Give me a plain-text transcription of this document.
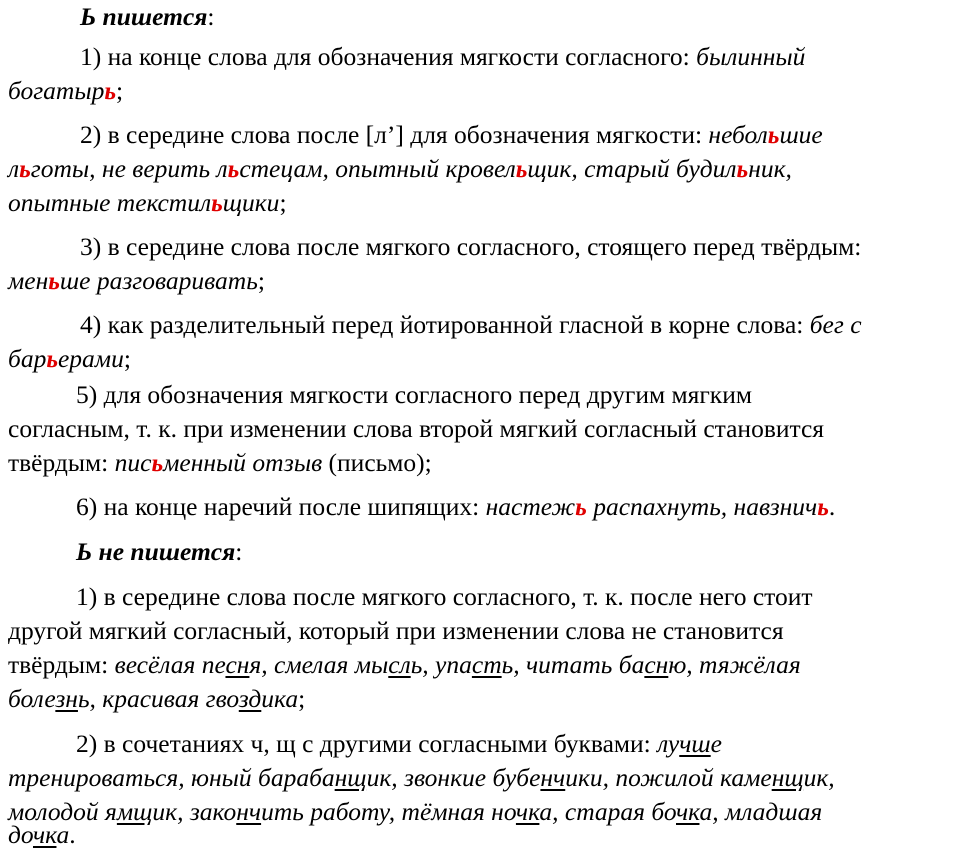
Ь пишется:
1) на конце слова для обозначения мягкости согласного: былинный
богатырь;
2) в середине слова после [л’] для обозначения мягкости: небольшие
льготы, не верить льстецам, опытный кровельщик, старый будильник,
опытные текстильщики;
3) в середине слова после мягкого согласного, стоящего перед твёрдым:
меньше разговаривать;
4) как разделительный перед йотированной гласной в корне слова: бег с
барьерами;
5) для обозначения мягкости согласного перед другим мягким
согласным, т. к. при изменении слова второй мягкий согласный становится
твёрдым: письменный отзыв (письмо);
6) на конце наречий после шипящих: настежь распахнуть, навзничь.
Ь не пишется:
1) в середине слова после мягкого согласного, т. к. после него стоит
другой мягкий согласный, который при изменении слова не становится
твёрдым: весёлая песня, смелая мысль, упасть, читать басню, тяжёлая
болезнь, красивая гвоздика;
2) в сочетаниях ч, щ с другими согласными буквами: лучше
тренироваться, юный барабанщик, звонкие бубенчики, пожилой каменщик,
молодой ямщик, закончить работу, тёмная ночка, старая бочка, младшая
дочка.
